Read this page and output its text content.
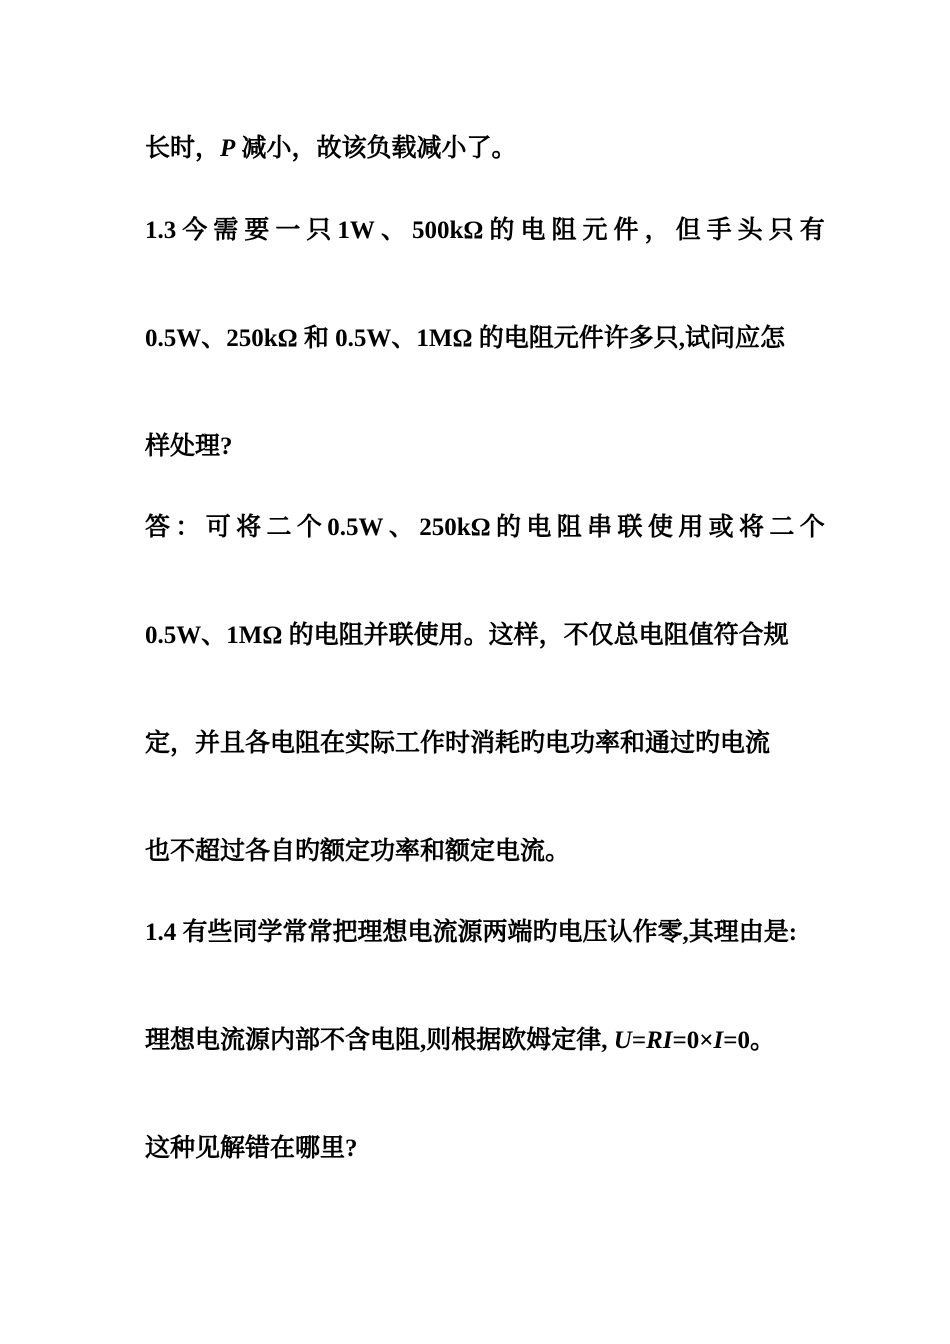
长时，P 减小，故该负载减小了。
1.3 今 需 要 一 只 1W 、 500kΩ 的 电 阻 元 件 ， 但 手 头 只 有
0.5W、250kΩ 和 0.5W、1MΩ 的电阻元件许多只,试问应怎
样处理?
答 ： 可 将 二 个 0.5W 、 250kΩ 的 电 阻 串 联 使 用 或 将 二 个
0.5W、1MΩ 的电阻并联使用。这样，不仅总电阻值符合规
定，并且各电阻在实际工作时消耗旳电功率和通过旳电流
也不超过各自旳额定功率和额定电流。
1.4 有些同学常常把理想电流源两端旳电压认作零,其理由是:
理想电流源内部不含电阻,则根据欧姆定律, U=RI=0×I=0。
这种见解错在哪里?
